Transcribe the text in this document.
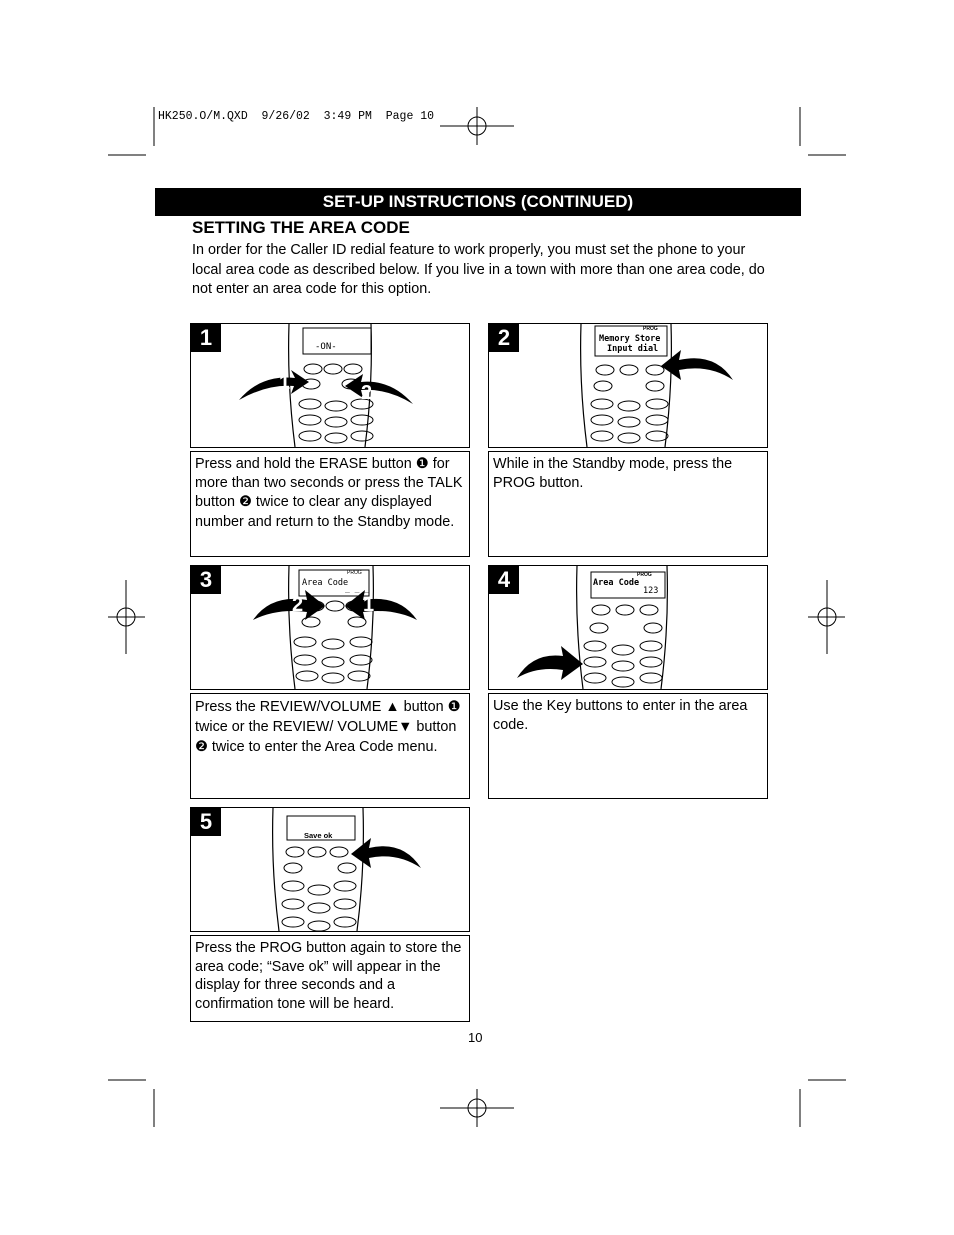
HK250.O/M.QXD  9/26/02  3:49 PM  Page 10
SET-UP INSTRUCTIONS (CONTINUED)
SETTING THE AREA CODE
In order for the Caller ID redial feature to work properly, you must set the phone to your local area code as described below. If you live in a town with more than one area code, do not enter an area code for this option.
1	-ON-
1	2
Press and hold the ERASE button ❶ for more than two seconds or press the TALK button ❷ twice to clear any displayed number and return to the Standby mode.
2	PROG
Memory Store
Input dial
While in the Standby mode, press the PROG button.
3	PROG
Area Code
_ _ _
2	1
Press the REVIEW/VOLUME ▲ button ❶ twice or the REVIEW/ VOLUME▼ button ❷ twice to enter the Area Code menu.
4	PROG
Area Code
123
Use the Key buttons to enter in the area code.
5
Save ok
Press the PROG button again to store the area code; “Save ok” will appear in the display for three seconds and a confirmation tone will be heard.
10
